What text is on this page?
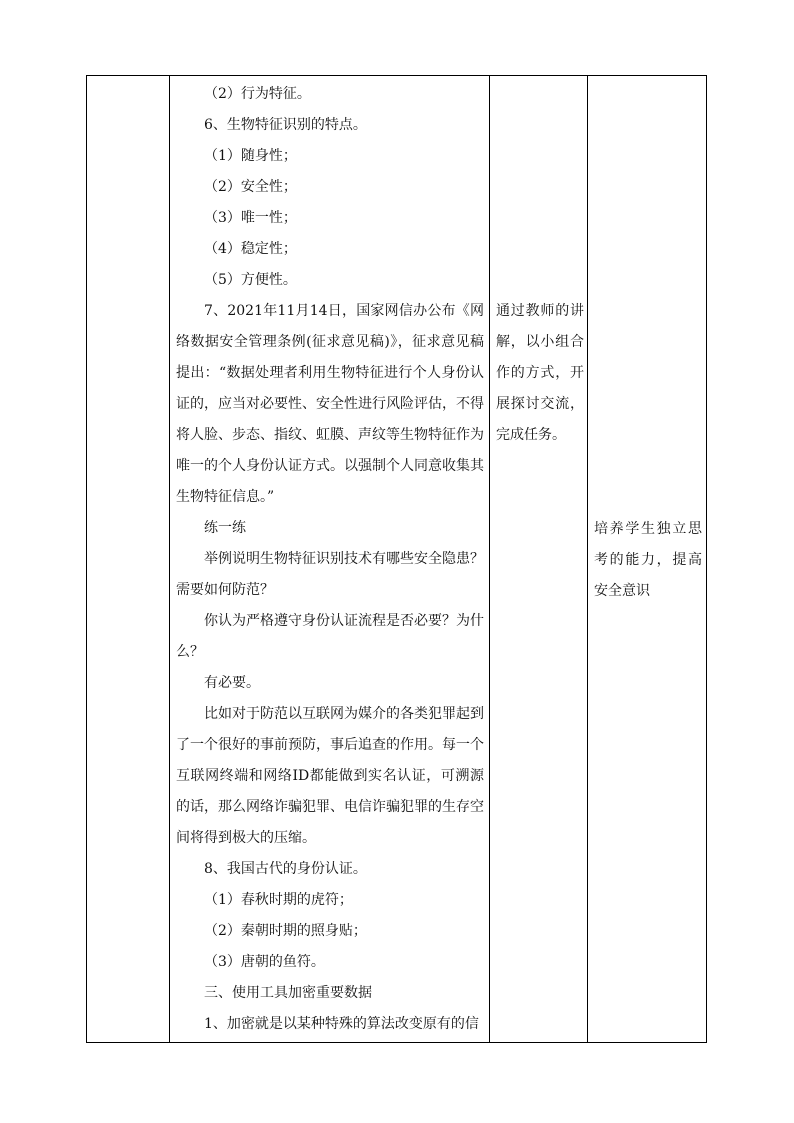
（2）行为特征。

6、生物特征识别的特点。

（1）随身性；

（2）安全性；

（3）唯一性；

（4）稳定性；

（5）方便性。

7、2021年11月14日，国家网信办公布《网络数据安全管理条例(征求意见稿)》，征求意见稿提出：“数据处理者利用生物特征进行个人身份认证的，应当对必要性、安全性进行风险评估，不得将人脸、步态、指纹、虹膜、声纹等生物特征作为唯一的个人身份认证方式。以强制个人同意收集其生物特征信息。”

练一练

举例说明生物特征识别技术有哪些安全隐患？需要如何防范？

你认为严格遵守身份认证流程是否必要？为什么？

有必要。

比如对于防范以互联网为媒介的各类犯罪起到了一个很好的事前预防，事后追查的作用。每一个互联网终端和网络ID都能做到实名认证，可溯源的话，那么网络诈骗犯罪、电信诈骗犯罪的生存空间将得到极大的压缩。

8、我国古代的身份认证。

（1）春秋时期的虎符；

（2）秦朝时期的照身贴；

（3）唐朝的鱼符。

三、使用工具加密重要数据

1、加密就是以某种特殊的算法改变原有的信

通过教师的讲解，以小组合作的方式，开展探讨交流，完成任务。

培养学生独立思考的能力，提高安全意识
